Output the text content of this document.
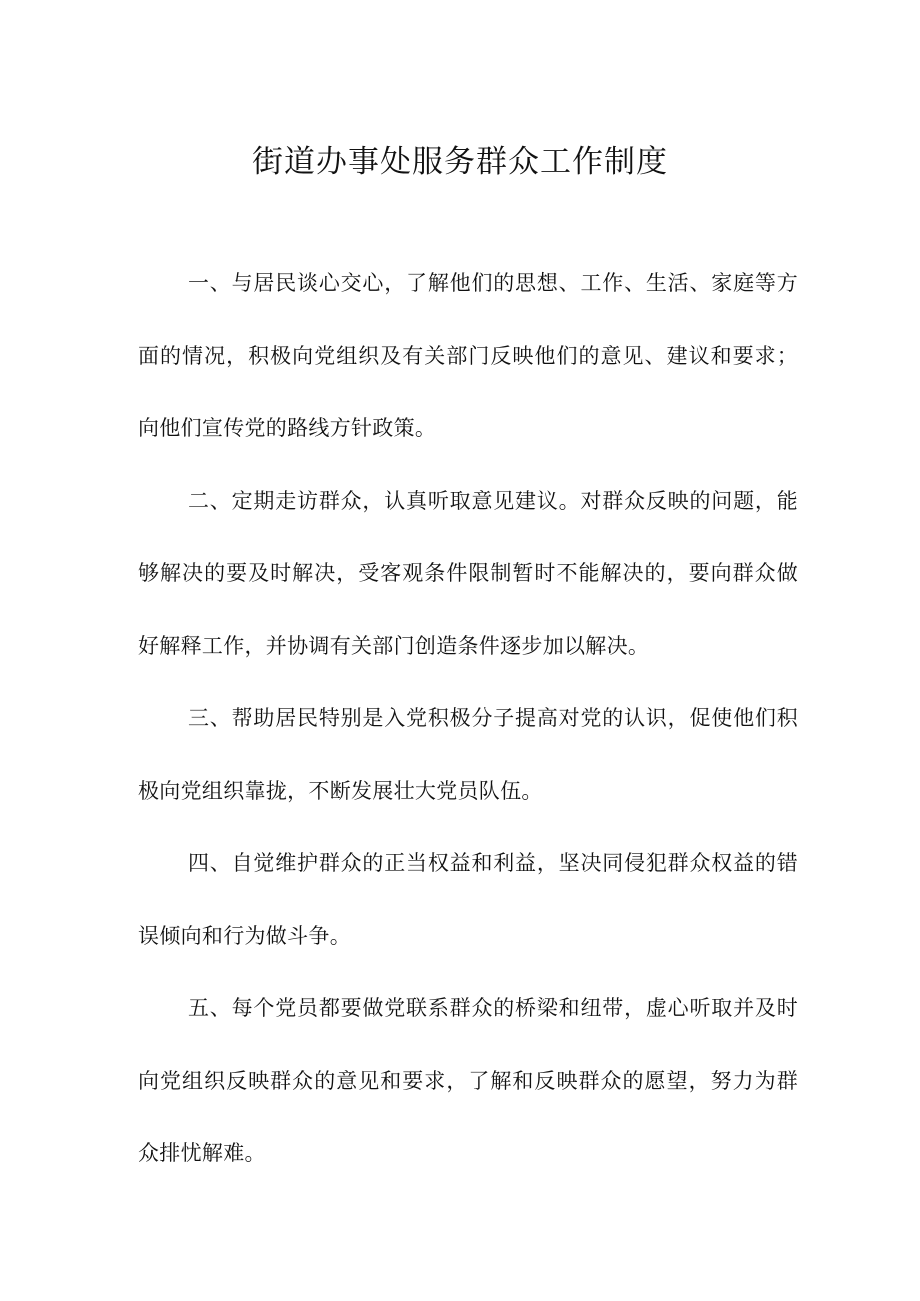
街道办事处服务群众工作制度

一、与居民谈心交心，了解他们的思想、工作、生活、家庭等方面的情况，积极向党组织及有关部门反映他们的意见、建议和要求；向他们宣传党的路线方针政策。

二、定期走访群众，认真听取意见建议。对群众反映的问题，能够解决的要及时解决，受客观条件限制暂时不能解决的，要向群众做好解释工作，并协调有关部门创造条件逐步加以解决。

三、帮助居民特别是入党积极分子提高对党的认识，促使他们积极向党组织靠拢，不断发展壮大党员队伍。

四、自觉维护群众的正当权益和利益，坚决同侵犯群众权益的错误倾向和行为做斗争。

五、每个党员都要做党联系群众的桥梁和纽带，虚心听取并及时向党组织反映群众的意见和要求，了解和反映群众的愿望，努力为群众排忧解难。
